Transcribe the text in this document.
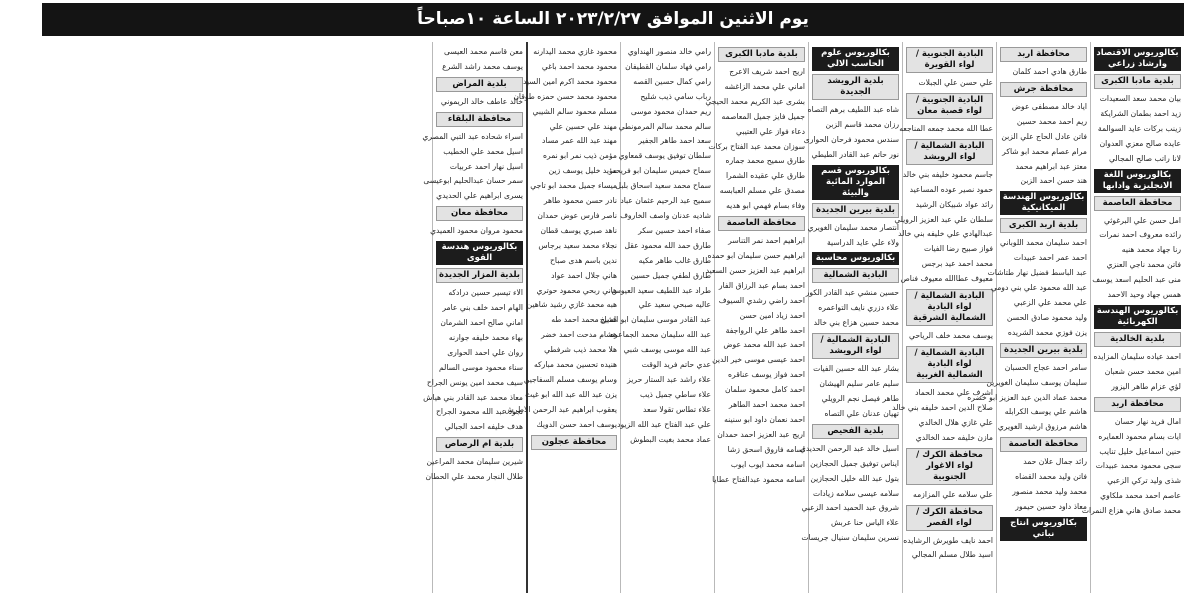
يوم الاثنين الموافق ٢٠٢٣/٢/٢٧ الساعة ١٠صباحاً
بكالوريوس الاقتصاد وارشاد زراعي
بلدية مادبا الكبرى
بيان محمد سعد السعيدات
زيد احمد بطمان الشرايكة
زينب بركات عايد السوالمة
عايده صالح معزي العدوان
لانا راتب صالح المجالي
بكالوريوس اللغة الانجليزية وادابها
محافظة العاصمة
امل حسن علي البرغوثي
رائده معروف احمد نمرات
رنا جهاد محمد هنيه
فاتن محمد ناجي العنزي
منى عبد الحليم اسعد يوسف
همس جهاد وحيد الاحمد
بكالوريوس الهندسة الكهربائية
بلدية الخالدية
احمد عياده سليمان المزايده
امين محمد حسن شعبان
لؤي عزام طاهر اليزور
محافظة اربد
امال فريد نهار حسان
ايات بسام محمود العمايره
حنين اسماعيل خليل تنايب
سجى محمود محمد عبيدات
شذى وليد تركي الزعبي
عاصم احمد محمد ملكاوي
محمد صادق هاني هزاع النمرات
محافظة اربد
طارق هادي احمد كلمان
محافظة جرش
اياد خالد مصطفى عوض
ريم احمد محمد حسين
فاتن عادل الحاج علي الزبن
مرام عصام محمد ابو شاكر
معتز عبد ابراهيم محمد
هند حسن احمد الزبن
بكالوريوس الهندسة الميكانيكية
بلدية اربد الكبرى
احمد سليمان محمد اللوباني
احمد عمر احمد عبيدات
عبد الباسط فضيل نهار طتاشات
عبد الله محمود علي بني دومي
علي محمد علي الزعبي
وليد محمود صادق الحسن
يزن فوزي محمد الشريده
بلدية بيرين الجديدة
سامر احمد عجاج الحسبان
سليمان يوسف سليمان الغويرين
محمد عماد الدين عبد العزيز ابو خضره
هاشم علي يوسف الكرابله
هاشم مرزوق ارشيد الغويري
محافظة العاصمة
رائد جمال علان حمد
فاتن وليد محمد القضاه
محمد وليد محمد منصور
معاذ داود حسين حيمور
بكالوريوس انتاج نباتي
البادية الجنوبية / لواء القويرة
علي حسن علي الجبلات
البادية الجنوبية / لواء قصبة معان
عطا الله محمد جمعه المناجعه
البادية الشمالية / لواء الرويشد
جاسم محمود خليفه بني خالد
حمود نصير عوده المساعيد
رائد عواد شبيكان الرشيد
سلطان علي عبد العزيز الرويلي
عبدالهادي علي خليفه بني خالد
فواز صبيح رضا الفيات
محمد احمد عيد برجس
معيوف عطاالله معيوف فناص
البادية الشمالية / لواء البادية الشمالية الشرقية
يوسف محمد خلف الرياحي
البادية الشمالية / لواء البادية الشمالية الغربية
اشرف علي محمد الحماد
صلاح الدين احمد خليفه بني خالد
علي غازي هلال الخالدي
مازن خليفه حمد الخالدي
محافظة الكرك / لواء الاغوار الجنوبية
علي سلامه علي المزازمه
محافظة الكرك / لواء القصر
احمد نايف طويرش الرشايده
اسيد طلال مسلم المجالي
بكالوريوس علوم الحاسب الالي
بلدية الرويشد الجديدة
شاه عبد اللطيف برهم التصاه
رزان محمد قاسم الزبن
سندس محمود فرحان الحوارى
نور حاتم عبد القادر الطيطي
بكالوريوس قسم الموارد المائية والبيئة
بلدية بيرين الجديدة
انتصار محمد سليمان الغويري
ولاء علي عايد الدراسية
بكالوريوس محاسبة
البادية الشمالية
حسين منشي عبد القادر الكور
علاء دزري نايف التواعمره
محمد حسين هزاع بني خالد
البادية الشمالية / لواء الرويشد
بشار عبد الله حسين الفيات
سليم عامر سليم الهيشان
طاهر فيصل نجم الرويلي
تهيان عدنان علي التصاه
بلدية الفحيص
اسيل خالد عبد الرحمن الحديدي
ايناس توفيق جميل الحجازين
بتول عبد الله خليل الحجازين
سلامه عيسى سلامه زيادات
شروق عبد الحميد احمد الزعبي
علاء الياس حنا عربش
نسرين سليمان سنيال جريسات
بلدية مادبا الكبرى
اريج احمد شريف الاعرج
اماني علي محمد الزاغشه
بشرى عبد الكريم محمد الحيجي
جميل فايز جميل المعاصمه
دعاء فواز علي العتيبي
سوزان محمد عبد الفتاح بركات
طارق سميح محمد جماره
طارق علي عقيده الشمرا
مصدق علي مسلم العبابسه
وفاء بسام فهمي ابو هديه
محافظة العاصمة
ابراهيم احمد نمر التناسر
ابراهيم حسن سليمان ابو حمده
ابراهيم عبد العزيز حسن السعيد
احمد بسام عبد الرزاق الفار
احمد راضي رشدي السيوف
احمد زياد امين حسن
احمد طاهر علي الرواجفة
احمد عبد الله محمد عوض
احمد عيسى موسى خير الدين
احمد فواز يوسف عناقره
احمد كامل محمود سلمان
احمد محمد احمد الطاهر
احمد نعمان داود ابو سنينه
اريج عبد العزيز احمد حمدان
اسامه فاروق اسحق زشا
اسامه محمد ايوب ايوب
اسامه محمود عبدالفتاح عطايا
رامي خالد منصور الهنداوي
رامي فهاد سلمان القطيفان
رامي كمال حسين القصه
رباب سامي ذيب شليح
ريم حمدان محمود موسى
سالم محمد سالم المرمونطي
سعد احمد طاهر الجفير
سلطان توفيق يوسف قمعاوي
سماح خميس سليمان ابو فريحه
سماح محمد سعيد اسحاق بلبل
سميح عبد الرحيم عثمان عباد
شاديه عدنان واصف الخاروف
صفاء احمد حسين سكر
طارق حمد الله محمود عقل
طارق غالب طاهر مكيه
طارق لطفي جميل حسين
طراد عبد اللطيف سعيد العيوس
عاليه صبحي سعيد علي
عبد القادر موسى سليمان ابو الشيخ
عبد الله سليمان محمد الجماعره
عبد الله موسى يوسف شبي
عدي حاتم فريد الوقت
علاء راشد عبد الستار حريز
علاء ساطي جميل ذيب
علاء تطاس تقولا سعد
علي عبد الفتاح عبد الله الزيود
عماد محمد بغيت البطوش
محمود غازي محمد اليدارنه
محمود محمد احمد باغي
محمود محمد اكرم امين السيد
محمود محمد حسن حمزه طوقان
مسلم محمود سالم الشيبي
مهند علي حسين علي
مهند عبد الله عمر مساد
مؤمن ذيب نمر ابو نمره
مؤيد خليل يوسف زين
ميساء جميل محمد ابو تاجي
نادر حسن محمود طاهر
ناصر فارس عوض حمدان
ناهد صبري يوسف قطان
نجلاء محمد سعيد برجاس
ندين باسم هدى صباح
هاني جلال احمد عواد
هاني ربحي محمود حوتري
هبه محمد غازي رشيد شاهين
هديل محمد احمد طه
هشام مدحت احمد خضر
هلا محمد ذيب شرفطي
هنيده تحسين محمد مباركه
وسام يوسف مسلم السفاجين
يزن عبد الله عبد الله ابو غيث
يعقوب ابراهيم عبد الرحمن الاطرش
يوسف احمد حسن الدويك
محافظة عجلون
معن قاسم محمد العيسى
يوسف محمد راشد الشرع
بلدية المراض
خالد عاطف خالد الريموني
محافظة البلقاء
اسراء شحاده عبد التبي المصري
اسيل محمد علي الخطيب
اسيل نهار احمد عربيات
سمر حسان عبدالحليم ابوعيسى
يسرى ابراهيم علي الحديدي
محافظة معان
محمود مروان محمود العميدي
بكالوريوس هندسة القوى
بلدية المزار الجديدة
الاء تيسير حسين درادكه
الهام احمد خلف بني عامر
اماني صالح احمد الشرمان
بهاء محمد خليفه جوارنه
روان علي احمد الحوارى
سناء محمود موسى السالم
سيف محمد امين يونس الجراح
معاذ محمد عبد القادر بني هياش
نجود عبد الله محمود الجراح
هدف خليفه احمد الجبالي
بلدية ام الرصاص
شيرين سليمان محمد المراعين
طلال النجار محمد علي الحطان
